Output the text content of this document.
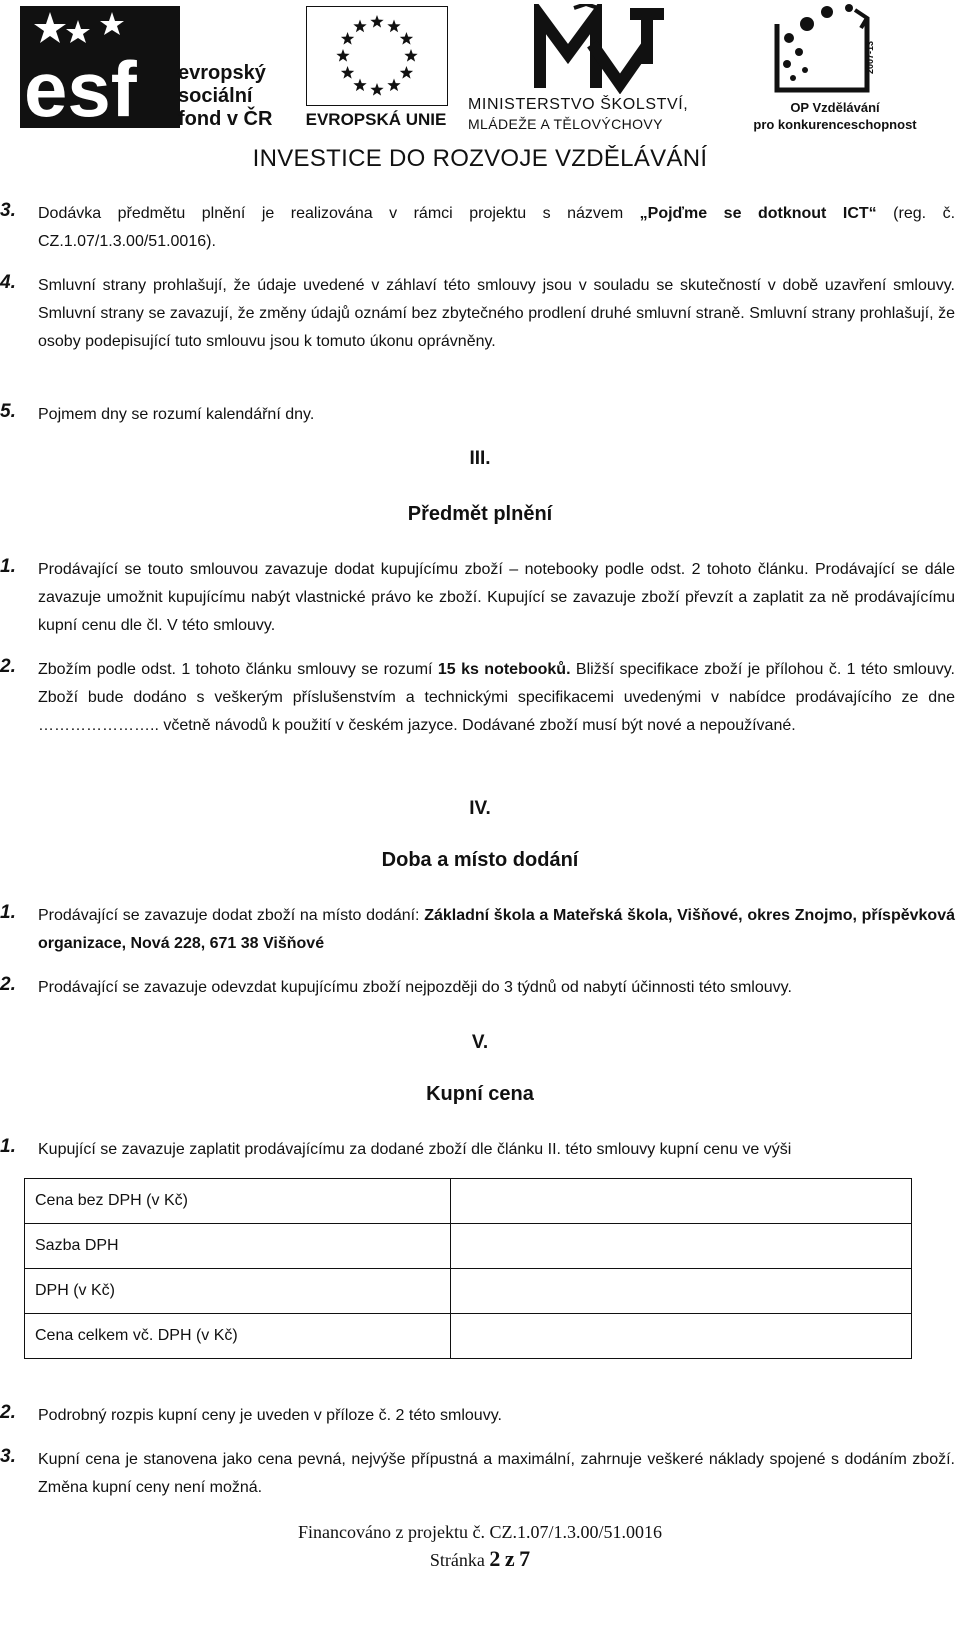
esf evropský
sociální
fond v ČR	EVROPSKÁ UNIE
MINISTERSTVO ŠKOLSTVÍ,
MLÁDEŽE A TĚLOVÝCHOVY
2007-13
OP Vzdělávání
pro konkurenceschopnost
INVESTICE DO ROZVOJE VZDĚLÁVÁNÍ
3.	Dodávka předmětu plnění je realizována v rámci projektu s názvem „Pojďme se dotknout ICT“ (reg. č. CZ.1.07/1.3.00/51.0016).
4.	Smluvní strany prohlašují, že údaje uvedené v záhlaví této smlouvy jsou v souladu se skutečností v době uzavření smlouvy. Smluvní strany se zavazují, že změny údajů oznámí bez zbytečného prodlení druhé smluvní straně. Smluvní strany prohlašují, že osoby podepisující tuto smlouvu jsou k tomuto úkonu oprávněny.
5.	Pojmem dny se rozumí kalendářní dny.
III.
Předmět plnění
1.	Prodávající se touto smlouvou zavazuje dodat kupujícímu zboží – notebooky podle odst. 2 tohoto článku. Prodávající se dále zavazuje umožnit kupujícímu nabýt vlastnické právo ke zboží. Kupující se zavazuje zboží převzít a zaplatit za ně prodávajícímu kupní cenu dle čl. V této smlouvy.
2.	Zbožím podle odst. 1 tohoto článku smlouvy se rozumí 15 ks notebooků. Bližší specifikace zboží je přílohou č. 1 této smlouvy. Zboží bude dodáno s veškerým příslušenstvím a technickými specifikacemi uvedenými v nabídce prodávajícího ze dne ………………….. včetně návodů k použití v českém jazyce. Dodávané zboží musí být nové a nepoužívané.
IV.
Doba a místo dodání
1.	Prodávající se zavazuje dodat zboží na místo dodání: Základní škola a Mateřská škola, Višňové, okres Znojmo, příspěvková organizace, Nová 228, 671 38 Višňové
2.	Prodávající se zavazuje odevzdat kupujícímu zboží nejpozději do 3 týdnů od nabytí účinnosti této smlouvy.
V.
Kupní cena
1.	Kupující se zavazuje zaplatit prodávajícímu za dodané zboží dle článku II. této smlouvy kupní cenu ve výši
Cena bez DPH (v Kč)	
Sazba DPH	
DPH (v Kč)	
Cena celkem vč. DPH (v Kč)	
2.	Podrobný rozpis kupní ceny je uveden v příloze č. 2 této smlouvy.
3.	Kupní cena je stanovena jako cena pevná, nejvýše přípustná a maximální, zahrnuje veškeré náklady spojené s dodáním zboží. Změna kupní ceny není možná.
Financováno z projektu č. CZ.1.07/1.3.00/51.0016
Stránka 2 z 7
